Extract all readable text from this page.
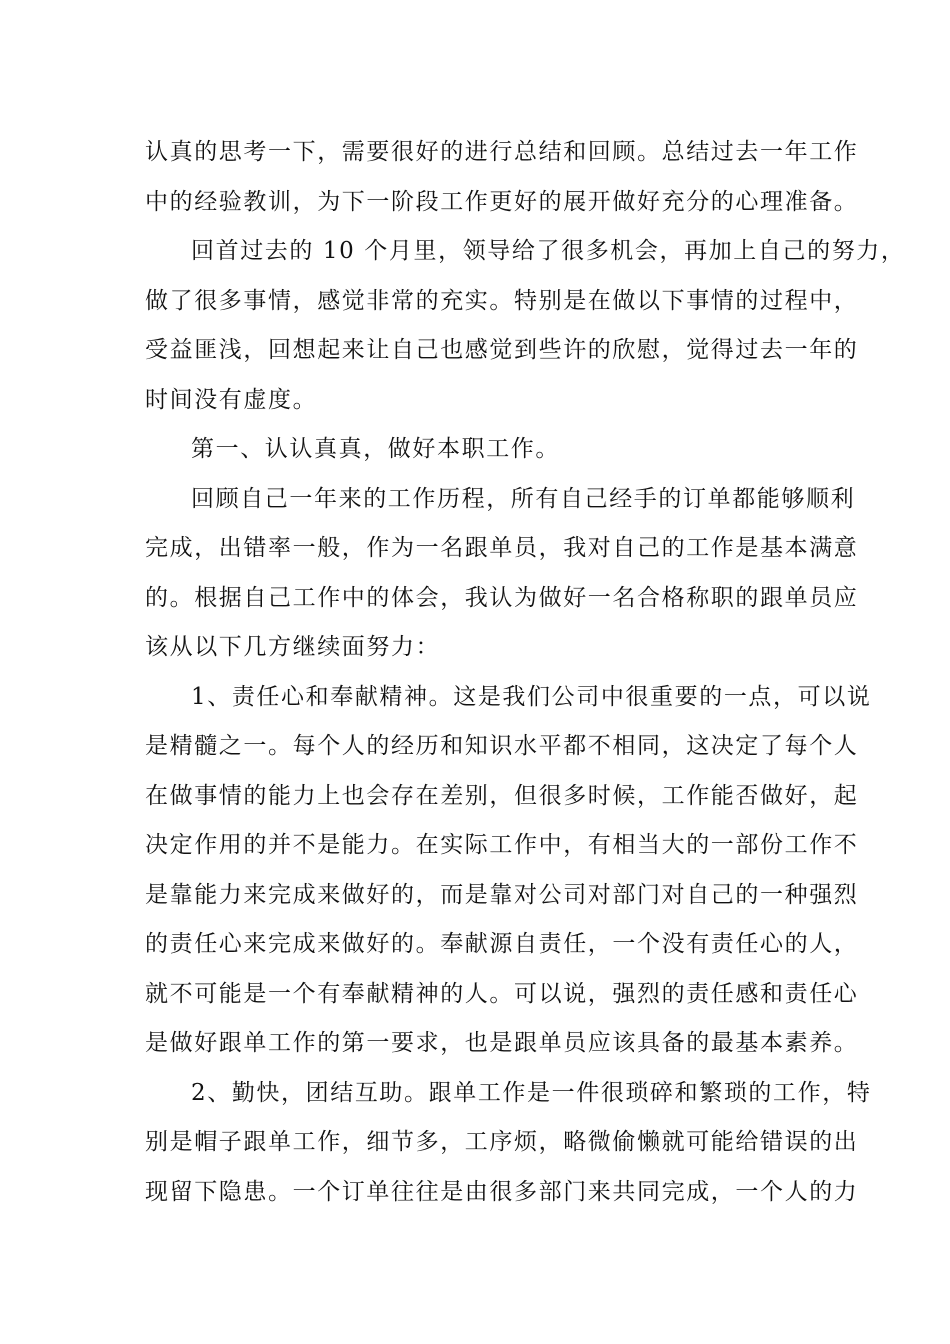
认真的思考一下，需要很好的进行总结和回顾。总结过去一年工作
中的经验教训，为下一阶段工作更好的展开做好充分的心理准备。
回首过去的 10 个月里，领导给了很多机会，再加上自己的努力，
做了很多事情，感觉非常的充实。特别是在做以下事情的过程中，
受益匪浅，回想起来让自己也感觉到些许的欣慰，觉得过去一年的
时间没有虚度。
第一、认认真真，做好本职工作。
回顾自己一年来的工作历程，所有自己经手的订单都能够顺利
完成，出错率一般，作为一名跟单员，我对自己的工作是基本满意
的。根据自己工作中的体会，我认为做好一名合格称职的跟单员应
该从以下几方继续面努力：
1、责任心和奉献精神。这是我们公司中很重要的一点，可以说
是精髓之一。每个人的经历和知识水平都不相同，这决定了每个人
在做事情的能力上也会存在差别，但很多时候，工作能否做好，起
决定作用的并不是能力。在实际工作中，有相当大的一部份工作不
是靠能力来完成来做好的，而是靠对公司对部门对自己的一种强烈
的责任心来完成来做好的。奉献源自责任，一个没有责任心的人，
就不可能是一个有奉献精神的人。可以说，强烈的责任感和责任心
是做好跟单工作的第一要求，也是跟单员应该具备的最基本素养。
2、勤快，团结互助。跟单工作是一件很琐碎和繁琐的工作，特
别是帽子跟单工作，细节多，工序烦，略微偷懒就可能给错误的出
现留下隐患。一个订单往往是由很多部门来共同完成，一个人的力
